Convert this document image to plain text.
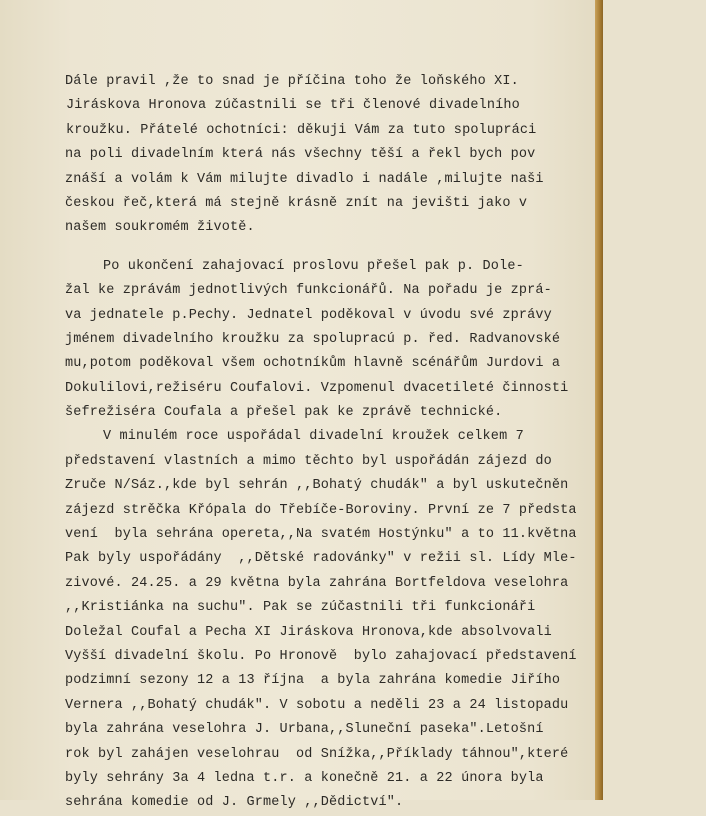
Dále pravil ,že to snad je příčina toho že loňského XI.
Jiráskova Hronova zúčastnili se tři členové divadelního
kroužku. Přátelé ochotníci: děkuji Vám za tuto spolupráci
na poli divadelním která nás všechny těší a řekl bych pov
znáší a volám k Vám milujte divadlo i nadále ,milujte naši
českou řeč,která má stejně krásně znít na jevišti jako v
našem soukromém životě.
Po ukončení zahajovací proslovu přešel pak p. Dole-
žal ke zprávám jednotlivých funkcionářů. Na pořadu je zprá-
va jednatele p.Pechy. Jednatel poděkoval v úvodu své zprávy
jménem divadelního kroužku za spolupracú p. řed. Radvanovské
mu,potom poděkoval všem ochotníkům hlavně scénářům Jurdovi a
Dokulilovi,režiséru Coufalovi. Vzpomenul dvacetileté činnosti
šefrežiséra Coufala a přešel pak ke zprávě technické.
V minulém roce uspořádal divadelní kroužek celkem 7
představení vlastních a mimo těchto byl uspořádán zájezd do
Zruče N/Sáz.,kde byl sehrán ,,Bohatý chudák" a byl uskutečněn
zájezd strěčka Křópala do Třebíče-Boroviny. První ze 7 předsta
vení  byla sehrána opereta,,Na svatém Hostýnku" a to 11.května
Pak byly uspořádány  ,,Dětské radovánky" v režii sl. Lídy Mle-
zivové. 24.25. a 29 května byla zahrána Bortfeldova veselohra
,,Kristiánka na suchu". Pak se zúčastnili tři funkcionáři
Doležal Coufal a Pecha XI Jiráskova Hronova,kde absolvovali
Vyšší divadelní školu. Po Hronově  bylo zahajovací představení
podzimní sezony 12 a 13 října  a byla zahrána komedie Jiřího
Vernera ,,Bohatý chudák". V sobotu a neděli 23 a 24 listopadu
byla zahrána veselohra J. Urbana,,Sluneční paseka".Letošní
rok byl zahájen veselohrau  od Snížka,,Příklady táhnou",které
byly sehrány 3a 4 ledna t.r. a konečně 21. a 22 února byla
sehrána komedie od J. Grmely ,,Dědictví".
